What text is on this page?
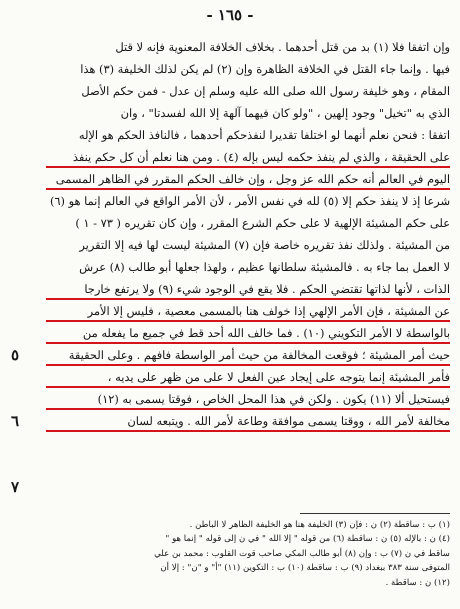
- ١٦٥ -
وإن اتفقا فلا (١) بد من قتل أحدهما . بخلاف الخلافة المعنوية فإنه لا قتل
فيها . وإنما جاء القتل في الخلافة الظاهرة وإن (٢) لم يكن لذلك الخليفة (٣) هذا
المقام ، وهو خليفة رسول الله صلى الله عليه وسلم إن عدل - فمن حكم الأصل
الذي به "تخيل" وجود إلهين ، "ولو كان فيهما آلهة إلا الله لفسدتا" ، وان
اتفقا : فنحن نعلم أنهما لو اختلفا تقديرا لنفذحكم أحدهما ، فالنافذ الحكم هو الإله
على الحقيقة ، والذي لم ينفذ حكمه ليس بإله (٤) . ومن هنا نعلم أن كل حكم ينفذ
اليوم في العالم أنه حكم الله عز وجل ، وإن خالف الحكم المقرر في الظاهر المسمى
شرعا إذ لا ينفذ حكم إلا (٥) لله في نفس الأمر ، لأن الأمر الواقع في العالم إنما هو (٦)
على حكم المشيئة الإلهية لا على حكم الشرع المقرر ، وإن كان تقريره ( ٧٣ - ١ )
من المشيئة . ولذلك نفذ تقريره خاصة فإن (٧) المشيئة ليست لها فيه إلا التقرير
لا العمل بما جاء به . فالمشيئة سلطانها عظيم ، ولهذا جعلها أبو طالب (٨) عرش
الذات ، لأنها لذاتها تقتضي الحكم . فلا يقع في الوجود شيء (٩) ولا يرتفع خارجا
عن المشيئة ، فإن الأمر الإلهي إذا خولف هنا بالمسمى معصية ، فليس إلا الأمر
بالواسطة لا الأمر التكويني (١٠) . فما خالف الله أحد قط في جميع ما يفعله من
حيث أمر المشيئة ؛ فوقعت المخالفة من حيث أمر الواسطة فافهم . وعلى الحقيقة
فأمر المشيئة إنما يتوجه على إيجاد عين الفعل لا على من ظهر على يديه ،
فيستحيل ألا (١١) يكون . ولكن في هذا المحل الخاص ، فوقتا يسمى به (١٢)
مخالفة لأمر الله ، ووقتا يسمى موافقة وطاعة لأمر الله . ويتبعه لسان
٥
٦
٧
(١) ب : ساقطة (٢) ن : فإن (٣) الخليفة هنا هو الخليفة الظاهر لا الباطن .
(٤) ن : بالإله (٥) ن : ساقطة (٦) من قوله " إلا الله " في ن إلى قوله " إنما هو "
ساقط في ن (٧) ب : وإن (٨) أبو طالب المكي صاحب قوت القلوب : محمد بن علي
المتوفى سنة ٣٨٣ ببغداد (٩) ب : ساقطة (١٠) ب : التكوين (١١) "أ" و "ن" : إلا أن
(١٢) ن : ساقطة .
